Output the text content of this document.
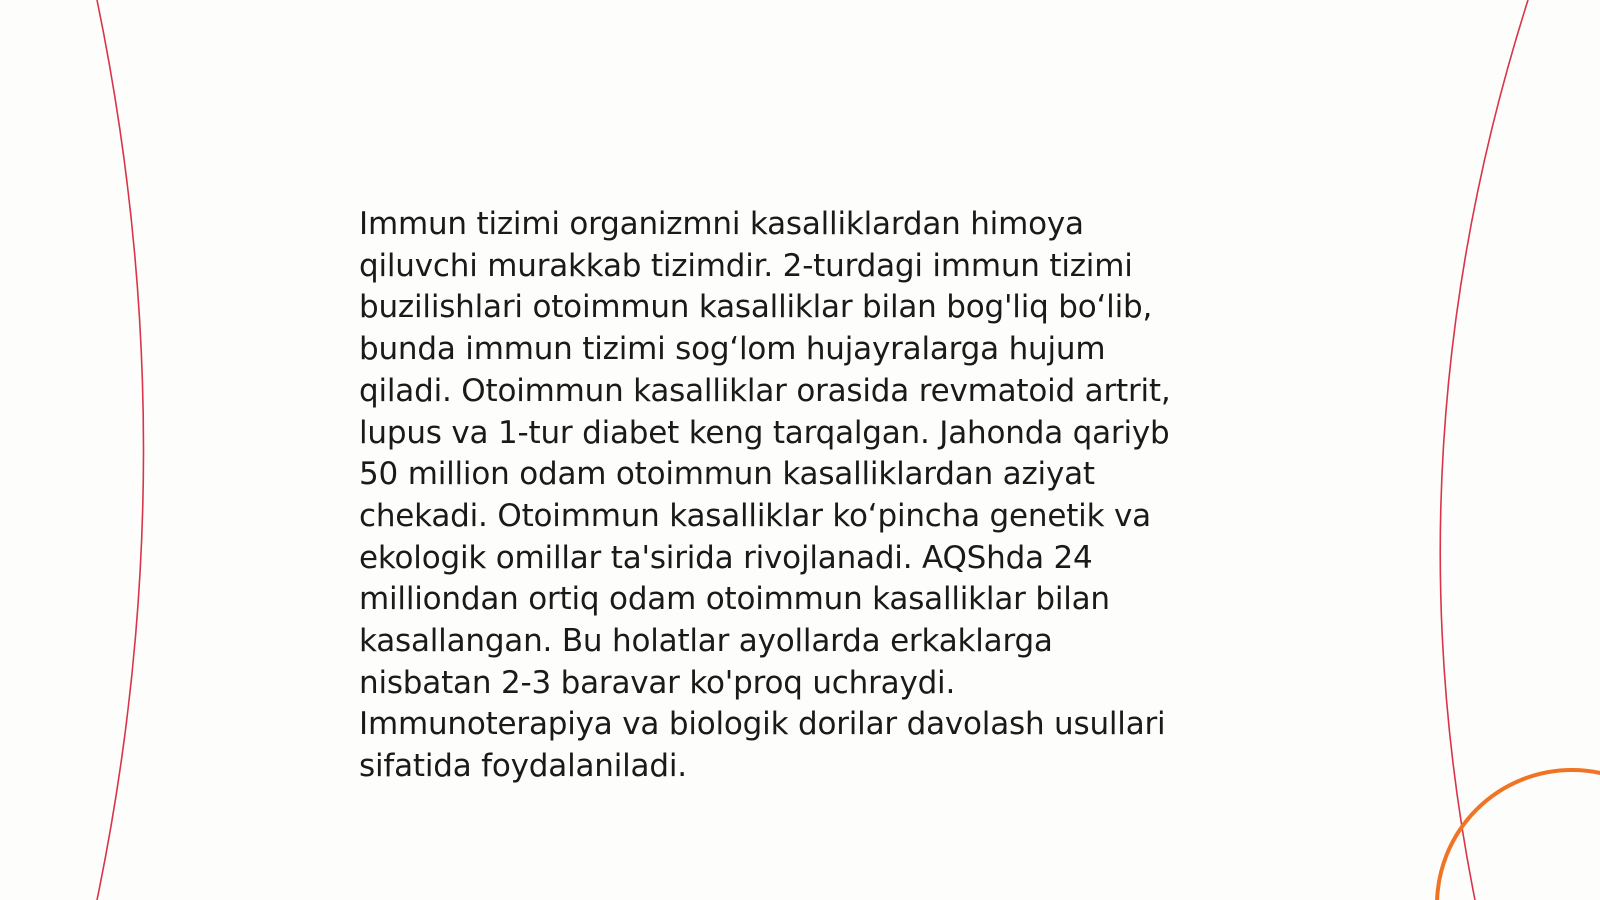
Immun tizimi organizmni kasalliklardan himoya
qiluvchi murakkab tizimdir. 2-turdagi immun tizimi
buzilishlari otoimmun kasalliklar bilan bog'liq bo‘lib,
bunda immun tizimi sog‘lom hujayralarga hujum
qiladi. Otoimmun kasalliklar orasida revmatoid artrit,
lupus va 1-tur diabet keng tarqalgan. Jahonda qariyb
50 million odam otoimmun kasalliklardan aziyat
chekadi. Otoimmun kasalliklar ko‘pincha genetik va
ekologik omillar ta'sirida rivojlanadi. AQShda 24
milliondan ortiq odam otoimmun kasalliklar bilan
kasallangan. Bu holatlar ayollarda erkaklarga
nisbatan 2-3 baravar ko'proq uchraydi.
Immunoterapiya va biologik dorilar davolash usullari
sifatida foydalaniladi.
